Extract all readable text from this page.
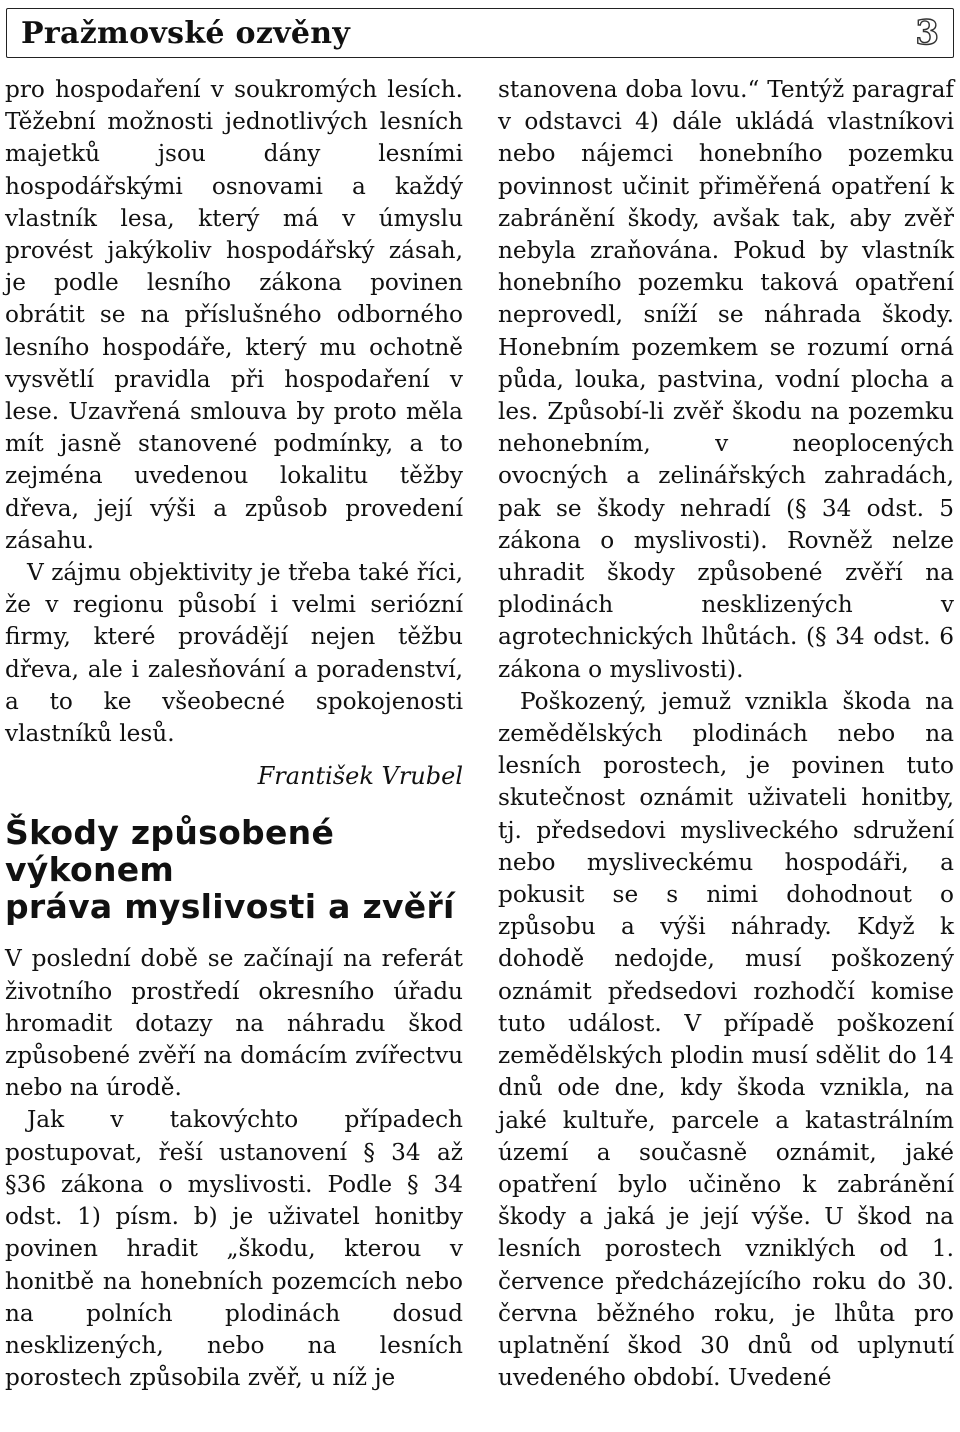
Pražmovské ozvěny	3

pro hospodaření v soukromých lesích. Těžební možnosti jednotlivých lesních majetků jsou dány lesními hospodářskými osnovami a každý vlastník lesa, který má v úmyslu provést jakýkoliv hospodářský zásah, je podle lesního zákona povinen obrátit se na příslušného odborného lesního hospodáře, který mu ochotně vysvětlí pravidla při hospodaření v lese. Uzavřená smlouva by proto měla mít jasně stanovené podmínky, a to zejména uvedenou lokalitu těžby dřeva, její výši a způsob provedení zásahu.

V zájmu objektivity je třeba také říci, že v regionu působí i velmi seriózní firmy, které provádějí nejen těžbu dřeva, ale i zalesňování a poradenství, a to ke všeobecné spokojenosti vlastníků lesů.

František Vrubel

Škody způsobené
výkonem
práva myslivosti a zvěří

V poslední době se začínají na referát životního prostředí okresního úřadu hromadit dotazy na náhradu škod způsobené zvěří na domácím zvířectvu nebo na úrodě.

Jak v takovýchto případech postupovat, řeší ustanovení § 34 až §36 zákona o myslivosti. Podle § 34 odst. 1) písm. b) je uživatel honitby povinen hradit „škodu, kterou v honitbě na honebních pozemcích nebo na polních plodinách dosud nesklizených, nebo na lesních porostech způsobila zvěř, u níž je

stanovena doba lovu.“ Tentýž paragraf v odstavci 4) dále ukládá vlastníkovi nebo nájemci honebního pozemku povinnost učinit přiměřená opatření k zabránění škody, avšak tak, aby zvěř nebyla zraňována. Pokud by vlastník honebního pozemku taková opatření neprovedl, sníží se náhrada škody. Honebním pozemkem se rozumí orná půda, louka, pastvina, vodní plocha a les. Způsobí-li zvěř škodu na pozemku nehonebním, v neoplocených ovocných a zelinářských zahradách, pak se škody nehradí (§ 34 odst. 5 zákona o myslivosti). Rovněž nelze uhradit škody způsobené zvěří na plodinách nesklizených v agrotechnických lhůtách. (§ 34 odst. 6 zákona o myslivosti).

Poškozený, jemuž vznikla škoda na zemědělských plodinách nebo na lesních porostech, je povinen tuto skutečnost oznámit uživateli honitby, tj. předsedovi mysliveckého sdružení nebo mysliveckému hospodáři, a pokusit se s nimi dohodnout o způsobu a výši náhrady. Když k dohodě nedojde, musí poškozený oznámit předsedovi rozhodčí komise tuto událost. V případě poškození zemědělských plodin musí sdělit do 14 dnů ode dne, kdy škoda vznikla, na jaké kultuře, parcele a katastrálním území a současně oznámit, jaké opatření bylo učiněno k zabránění škody a jaká je její výše. U škod na lesních porostech vzniklých od 1. července předcházejícího roku do 30. června běžného roku, je lhůta pro uplatnění škod 30 dnů od uplynutí uvedeného období. Uvedené
